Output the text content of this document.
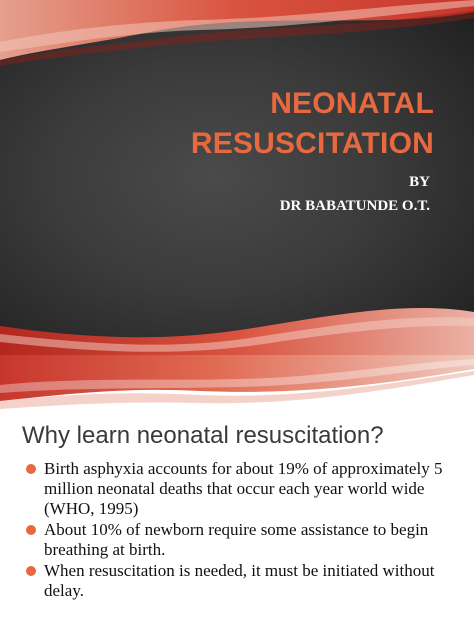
NEONATAL
RESUSCITATION
BY
DR BABATUNDE O.T.
Why learn neonatal resuscitation?
Birth asphyxia accounts for about 19% of approximately 5 million neonatal deaths that occur each year world wide (WHO, 1995)
About 10% of newborn require some assistance to begin breathing at birth.
When resuscitation is needed, it must be initiated without delay.
